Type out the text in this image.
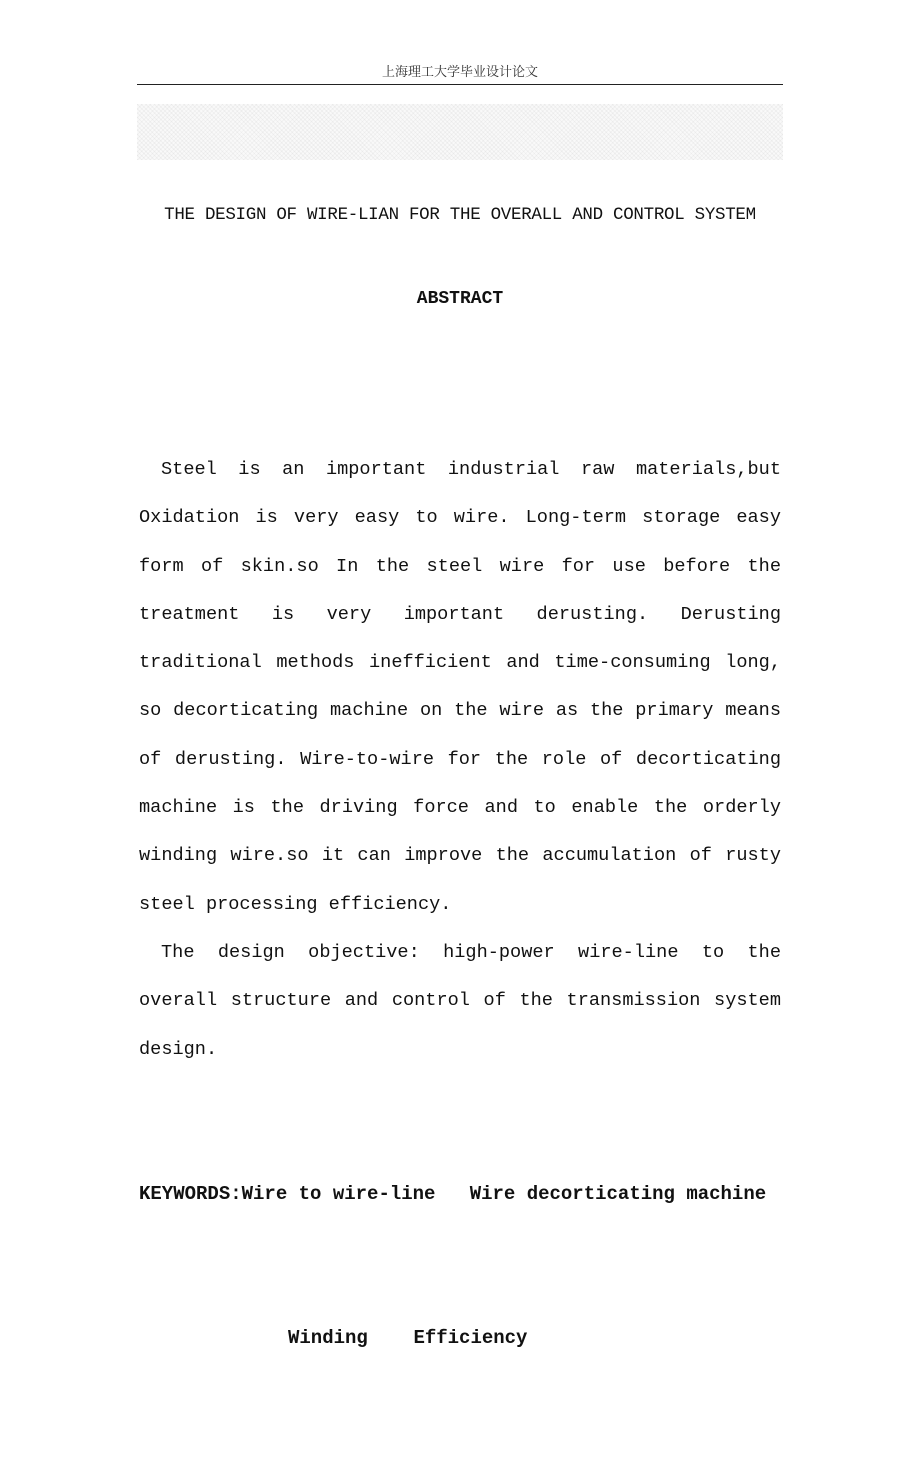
上海理工大学毕业设计论文
THE DESIGN OF WIRE-LIAN FOR THE OVERALL AND CONTROL SYSTEM
ABSTRACT

Steel is an important industrial raw materials,but Oxidation is very easy to wire. Long-term storage easy form of skin.so In the steel wire for use before the treatment is very important derusting. Derusting traditional methods inefficient and time-consuming long, so decorticating machine on the wire as the primary means of derusting. Wire-to-wire for the role of decorticating machine is the driving force and to enable the orderly winding wire.so it can improve the accumulation of rusty steel processing efficiency.

The design objective: high-power wire-line to the overall structure and control of the transmission system design.

KEYWORDS:Wire to wire-line Wire decorticating machine

Winding Efficiency
